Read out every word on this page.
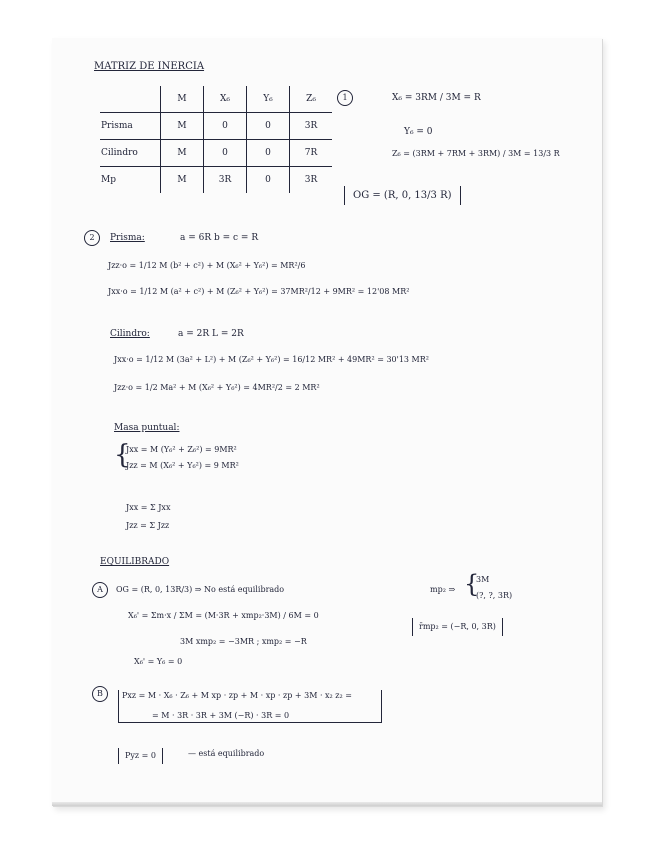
MATRIZ DE INERCIA
	M	X₆	Y₆	Z₆
Prisma	M	0	0	3R
Cilindro	M	0	0	7R
Mp	M	3R	0	3R
1	X₆ = 3RM / 3M = R
Y₆ = 0
Z₆ = (3RM + 7RM + 3RM) / 3M = 13/3 R
OG = (R, 0, 13/3 R)
2	Prisma:	a = 6R b = c = R
Jzz·o = 1/12 M (b² + c²) + M (X₆² + Y₆²) = MR²/6
Jxx·o = 1/12 M (a² + c²) + M (Z₆² + Y₆²) = 37MR²/12 + 9MR² = 12'08 MR²
Cilindro:	a = 2R L = 2R
Jxx·o = 1/12 M (3a² + L²) + M (Z₆² + Y₆²) = 16/12 MR² + 49MR² = 30'13 MR²
Jzz·o = 1/2 Ma² + M (X₆² + Y₆²) = 4MR²/2 = 2 MR²
Masa puntual:
{
Jxx = M (Y₆² + Z₆²) = 9MR²
Jzz = M (X₆² + Y₆²) = 9 MR²
Jxx = Σ Jxx
Jzz = Σ Jzz
EQUILIBRADO
A	OG = (R, 0, 13R/3) ⇒ No está equilibrado	mp₂ ⇒ {
3M
(?, ?, 3R)
X₆' = Σm·x / ΣM = (M·3R + xmp₂·3M) / 6M = 0
3M xmp₂ = −3MR ; xmp₂ = −R
r̄mp₂ = (−R, 0, 3R)
X₆' = Y₆ = 0
B	Pxz = M · X₆ · Z₆ + M xp · zp + M · xp · zp + 3M · x₂ z₂ =
= M · 3R · 3R + 3M (−R) · 3R = 0
Pyz = 0	— está equilibrado
